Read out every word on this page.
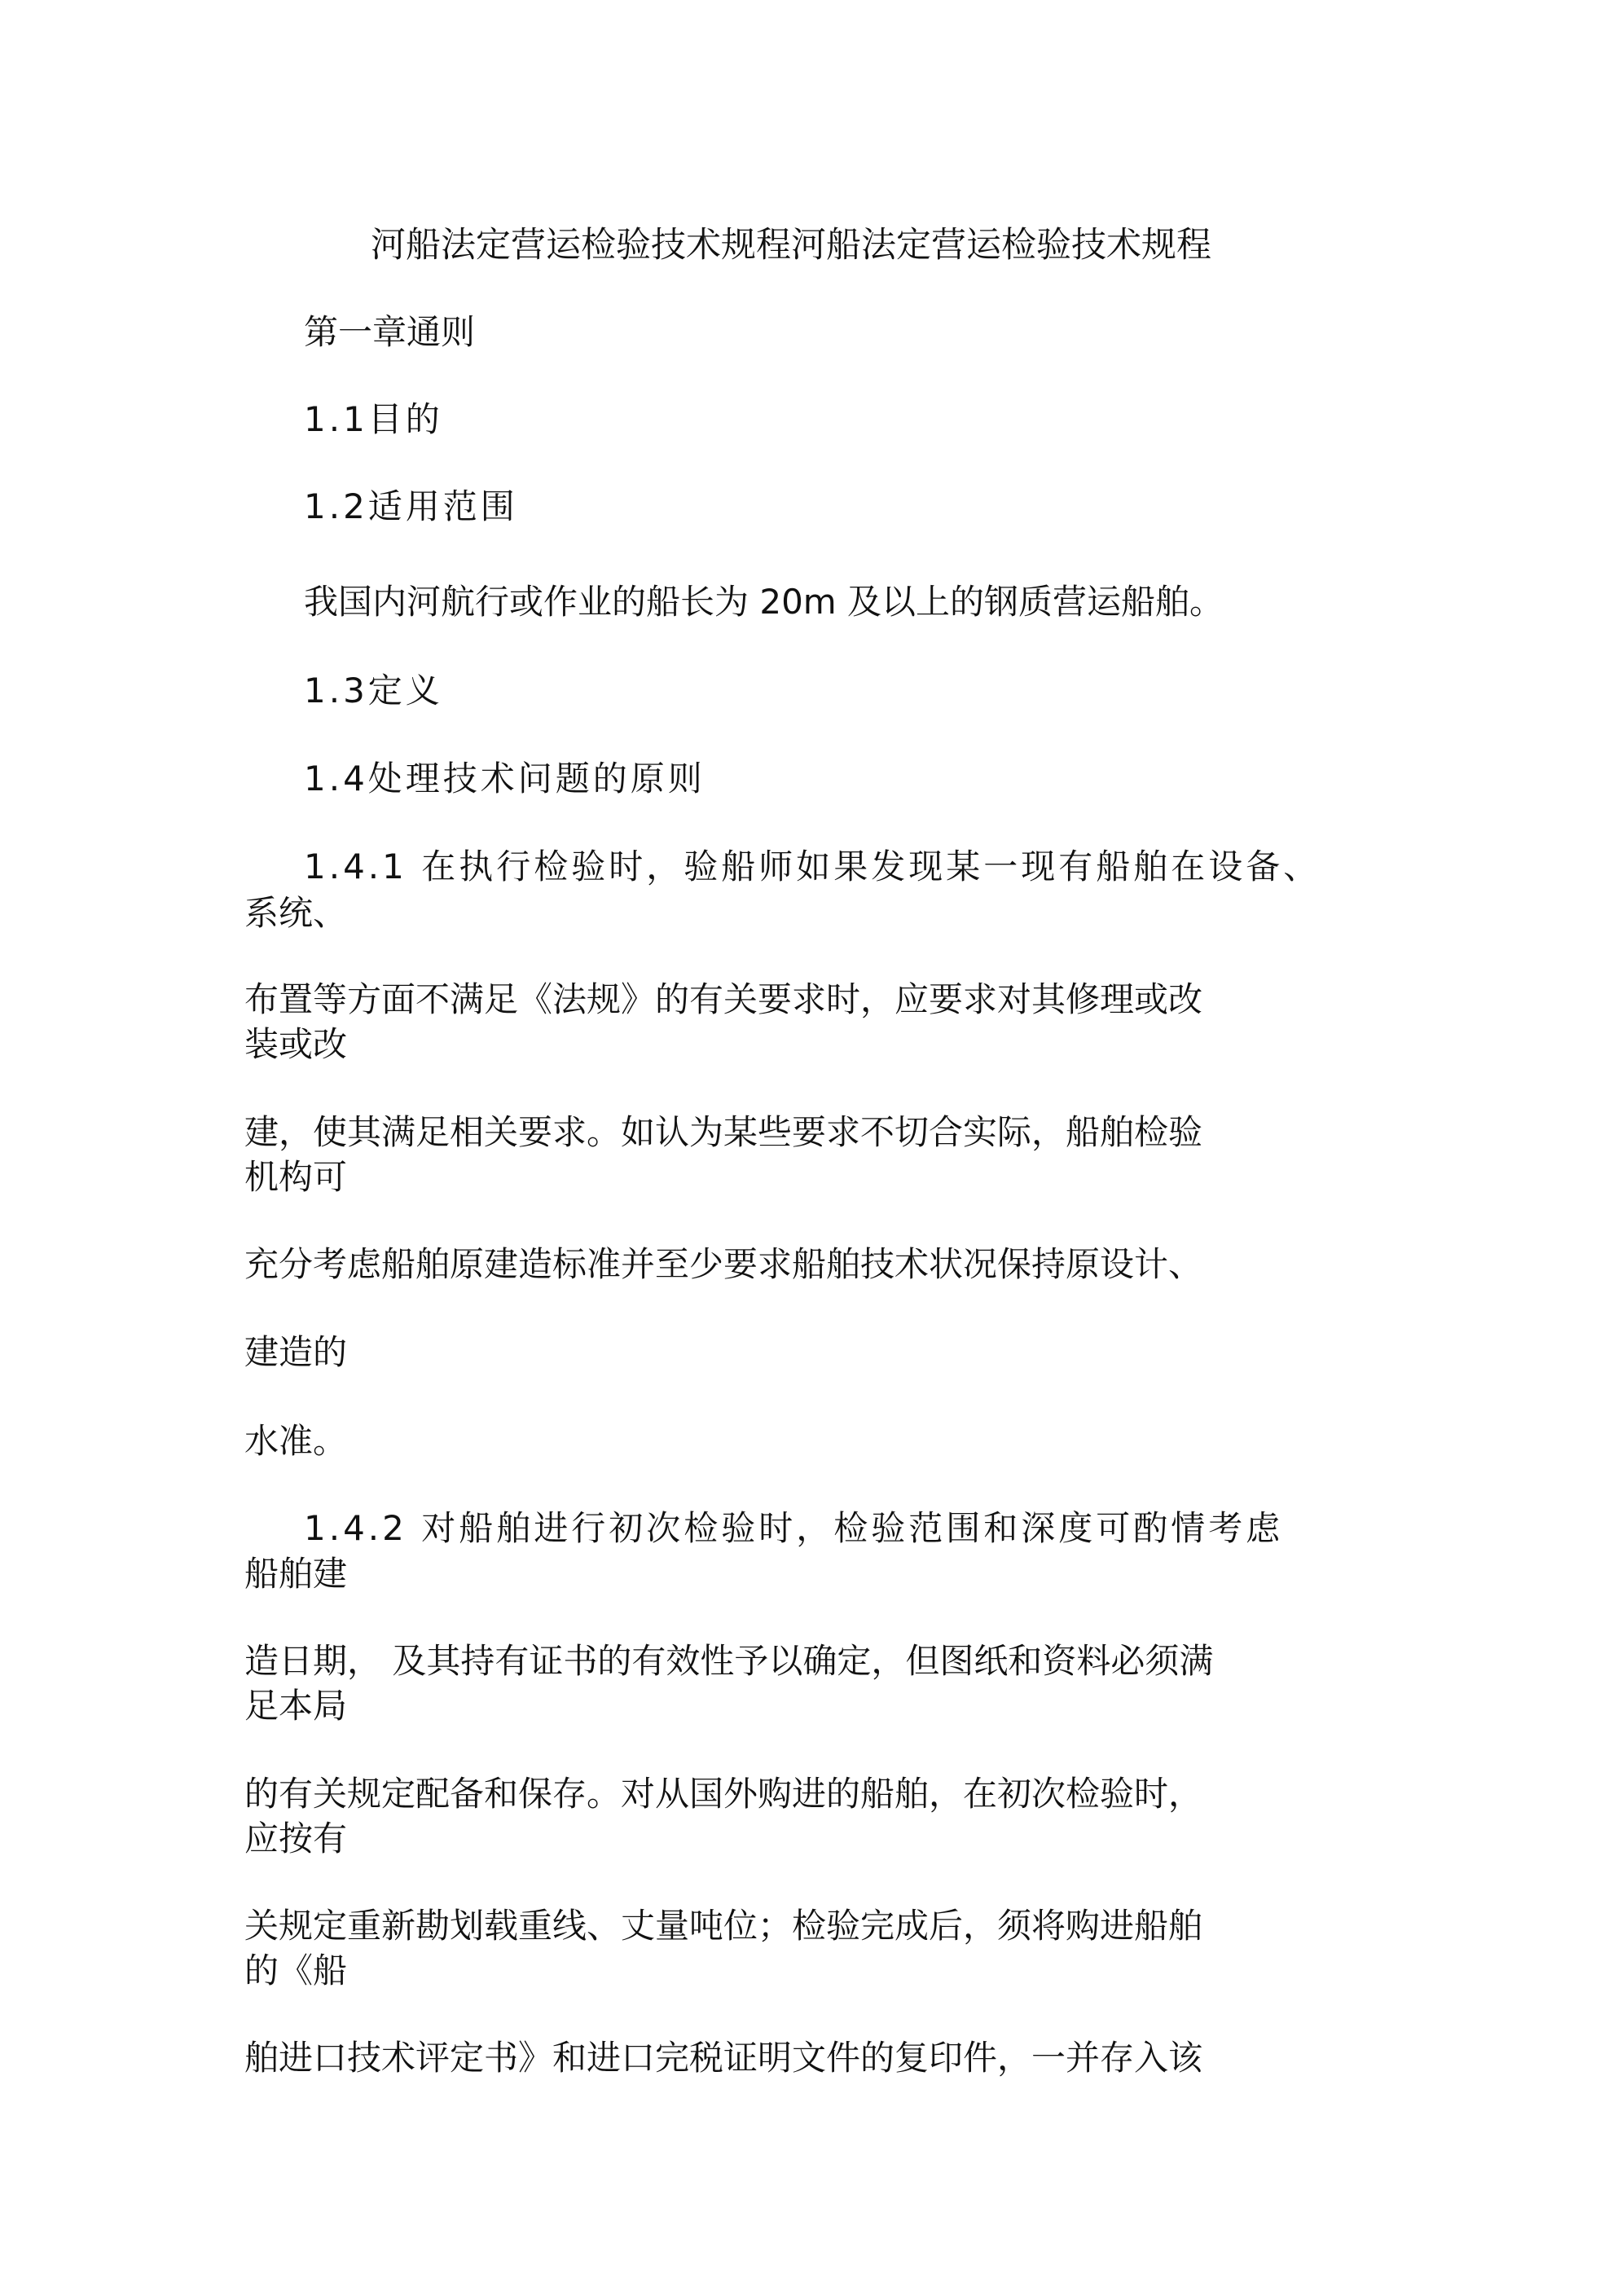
河船法定营运检验技术规程河船法定营运检验技术规程
第一章通则
1.1目的
1.2适用范围
我国内河航行或作业的船长为 20m 及以上的钢质营运船舶。
1.3定义
1.4处理技术问题的原则
1.4.1 在执行检验时，验船师如果发现某一现有船舶在设备、
系统、
布置等方面不满足《法规》的有关要求时，应要求对其修理或改
装或改
建，使其满足相关要求。如认为某些要求不切合实际，船舶检验
机构可
充分考虑船舶原建造标准并至少要求船舶技术状况保持原设计、
建造的
水准。
1.4.2 对船舶进行初次检验时，检验范围和深度可酌情考虑
船舶建
造日期， 及其持有证书的有效性予以确定，但图纸和资料必须满
足本局
的有关规定配备和保存。对从国外购进的船舶，在初次检验时，
应按有
关规定重新勘划载重线、丈量吨位；检验完成后，须将购进船舶
的《船
舶进口技术评定书》和进口完税证明文件的复印件，一并存入该
